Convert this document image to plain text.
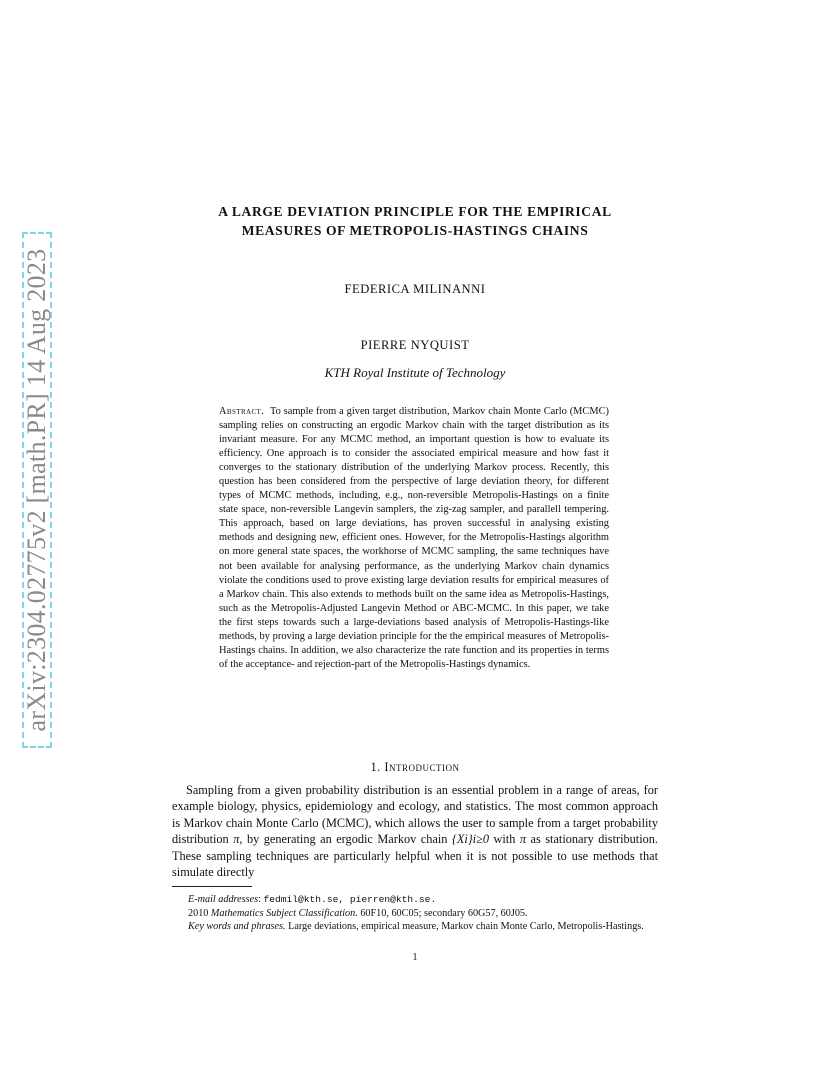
arXiv:2304.02775v2 [math.PR] 14 Aug 2023
A LARGE DEVIATION PRINCIPLE FOR THE EMPIRICAL
MEASURES OF METROPOLIS-HASTINGS CHAINS
FEDERICA MILINANNI
PIERRE NYQUIST
KTH Royal Institute of Technology
Abstract. To sample from a given target distribution, Markov chain Monte Carlo (MCMC) sampling relies on constructing an ergodic Markov chain with the target distribution as its invariant measure. For any MCMC method, an important question is how to evaluate its efficiency. One approach is to consider the associated empirical measure and how fast it converges to the stationary distribution of the underlying Markov process. Recently, this question has been considered from the perspective of large deviation theory, for different types of MCMC methods, including, e.g., non-reversible Metropolis-Hastings on a finite state space, non-reversible Langevin samplers, the zig-zag sampler, and parallell tempering. This approach, based on large deviations, has proven successful in analysing existing methods and designing new, efficient ones. However, for the Metropolis-Hastings algorithm on more general state spaces, the workhorse of MCMC sampling, the same techniques have not been available for analysing performance, as the underlying Markov chain dynamics violate the conditions used to prove existing large deviation results for empirical measures of a Markov chain. This also extends to methods built on the same idea as Metropolis-Hastings, such as the Metropolis-Adjusted Langevin Method or ABC-MCMC. In this paper, we take the first steps towards such a large-deviations based analysis of Metropolis-Hastings-like methods, by proving a large deviation principle for the the empirical measures of Metropolis-Hastings chains. In addition, we also characterize the rate function and its properties in terms of the acceptance- and rejection-part of the Metropolis-Hastings dynamics.
1. Introduction

Sampling from a given probability distribution is an essential problem in a range of areas, for example biology, physics, epidemiology and ecology, and statistics. The most common approach is Markov chain Monte Carlo (MCMC), which allows the user to sample from a target probability distribution π, by generating an ergodic Markov chain {Xi}i≥0 with π as stationary distribution. These sampling techniques are particularly helpful when it is not possible to use methods that simulate directly

E-mail addresses: fedmil@kth.se, pierren@kth.se.

2010 Mathematics Subject Classification. 60F10, 60C05; secondary 60G57, 60J05.

Key words and phrases. Large deviations, empirical measure, Markov chain Monte Carlo, Metropolis-Hastings.

1
